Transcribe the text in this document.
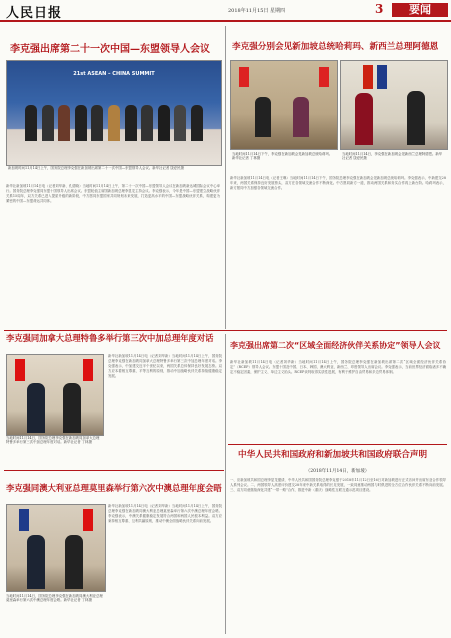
人民日报	2018年11月15日 星期四	3	要闻
李克强出席第二十一次中国—东盟领导人会议
21st ASEAN – CHINA SUMMIT
新加坡时间11月14日上午，国务院总理李克强在新加坡出席第二十一次中国—东盟领导人会议。新华社记者 饶爱民摄
新华社新加坡11月14日电（记者刘华新、孔德晓）当地时间11月14日上午，第二十一次中国—东盟领导人会议在新加坡新达城国际会议中心举行。国务院总理李克强同东盟十国领导人出席会议。东盟轮值主席国新加坡总理李显龙主持会议。李克强表示，今年是中国—东盟建立战略伙伴关系15周年，双方关系已进入提质升级的新阶段，中方愿同东盟国家共同规划未来发展，打造更高水平的中国—东盟战略伙伴关系，构建更为紧密的中国—东盟命运共同体。
李克强分别会见新加坡总统哈莉玛、新西兰总理阿德恩
当地时间11月14日下午，李克强在新加坡会见新加坡总统哈莉玛。新华社记者 丁林摄
当地时间11月14日，李克强在新加坡会见新西兰总理阿德恩。新华社记者 饶爱民摄
新华社新加坡11月14日电（记者王琳）当地时间11月14日下午，国务院总理李克强在新加坡会见新加坡总统哈莉玛。李克强表示，中新建交28年来，两国关系保持良好发展势头，双方在各领域交流合作不断深化。中方愿同新方一道，推动两国关系和务实合作再上新台阶。哈莉玛表示，新方愿同中方加强各领域交流合作。
李克强同加拿大总理特鲁多举行第三次中加总理年度对话
当地时间11月14日，国务院总理李克强在新加坡同加拿大总理特鲁多举行第三次中加总理年度对话。新华社记者 丁林摄
新华社新加坡11月14日电（记者刘华新）当地时间11月14日上午，国务院总理李克强在新加坡同加拿大总理特鲁多举行第三次中加总理年度对话。李克强表示，中加建交近半个世纪以来，两国关系总体保持良好发展态势。双方应本着相互尊重、平等互利的原则，推动中加战略伙伴关系持续健康稳定发展。
李克强出席第二次“区域全面经济伙伴关系协定”领导人会议
新华社新加坡11月14日电（记者刘华新）当地时间11月14日上午，国务院总理李克强在新加坡出席第二次“区域全面经济伙伴关系协定”（RCEP）领导人会议。东盟十国及中国、日本、韩国、澳大利亚、新西兰、印度领导人出席会议。李克强表示，当前世界经济面临诸多不确定不稳定因素，保护主义、单边主义抬头。RCEP谈判取得实质性进展，有利于维护自由贸易和多边贸易体制。
中华人民共和国政府和新加坡共和国政府联合声明
（2018年11月14日，新加坡）
一、应新加坡共和国总理李显龙邀请，中华人民共和国国务院总理李克强于2018年11月12日至16日对新加坡进行正式访问并出席东亚合作领导人系列会议。二、两国领导人高度评价建交28年来中新关系取得的长足发展，一致同意推动两国与时俱进的全方位合作伙伴关系不断向前发展。三、双方同意继续深化共建“一带一路”合作，推进中新（重庆）战略性互联互通示范项目建设。
李克强同澳大利亚总理莫里森举行第六次中澳总理年度会晤
当地时间11月14日，国务院总理李克强在新加坡同澳大利亚总理莫里森举行第六次中澳总理年度会晤。新华社记者 丁林摄
新华社新加坡11月14日电（记者刘华新）当地时间11月14日上午，国务院总理李克强在新加坡同澳大利亚总理莫里森举行第六次中澳总理年度会晤。李克强表示，中澳关系健康稳定发展符合两国和两国人民根本利益。双方应秉持相互尊重、互利共赢原则，推动中澳全面战略伙伴关系向前发展。
